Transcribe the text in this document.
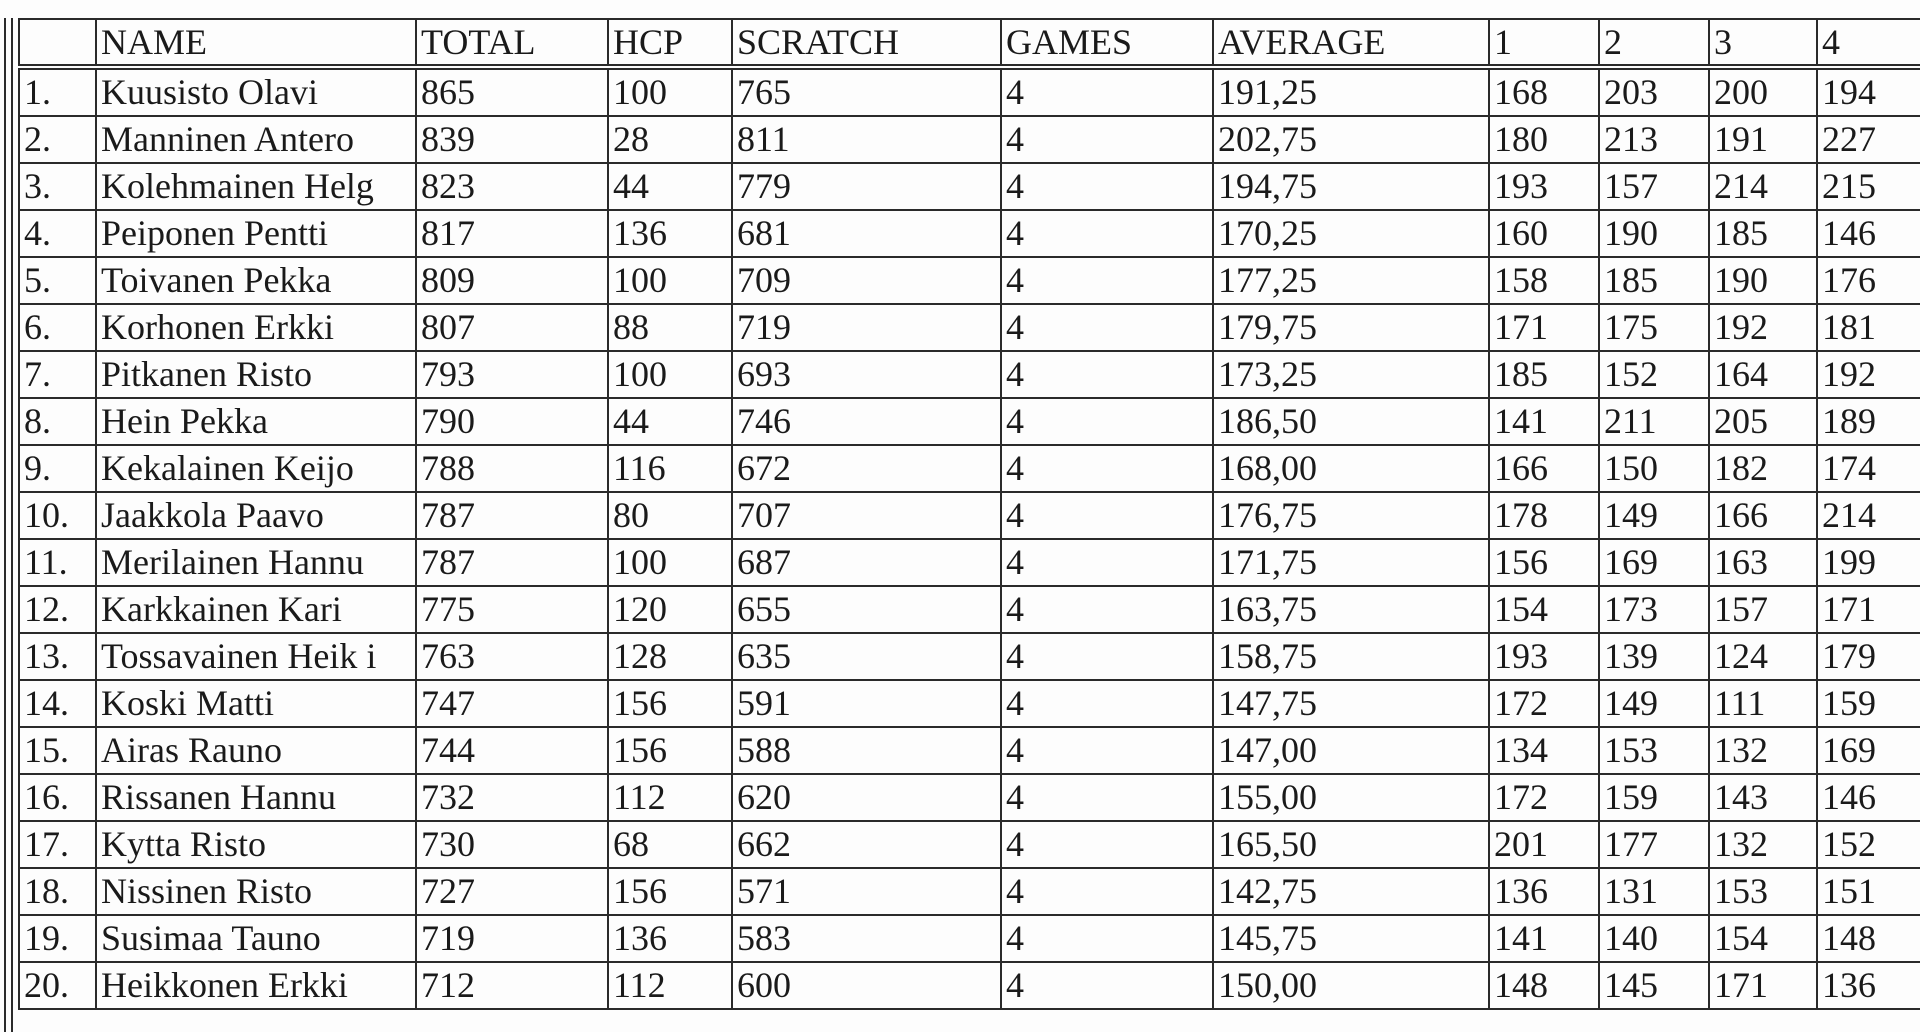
	NAME	TOTAL	HCP	SCRATCH	GAMES	AVERAGE	1	2	3	4
1.	Kuusisto Olavi	865	100	765	4	191,25	168	203	200	194
2.	Manninen Antero	839	28	811	4	202,75	180	213	191	227
3.	Kolehmainen Helg	823	44	779	4	194,75	193	157	214	215
4.	Peiponen Pentti	817	136	681	4	170,25	160	190	185	146
5.	Toivanen Pekka	809	100	709	4	177,25	158	185	190	176
6.	Korhonen Erkki	807	88	719	4	179,75	171	175	192	181
7.	Pitkanen Risto	793	100	693	4	173,25	185	152	164	192
8.	Hein Pekka	790	44	746	4	186,50	141	211	205	189
9.	Kekalainen Keijo	788	116	672	4	168,00	166	150	182	174
10.	Jaakkola Paavo	787	80	707	4	176,75	178	149	166	214
11.	Merilainen Hannu	787	100	687	4	171,75	156	169	163	199
12.	Karkkainen Kari	775	120	655	4	163,75	154	173	157	171
13.	Tossavainen Heik i	763	128	635	4	158,75	193	139	124	179
14.	Koski Matti	747	156	591	4	147,75	172	149	111	159
15.	Airas Rauno	744	156	588	4	147,00	134	153	132	169
16.	Rissanen Hannu	732	112	620	4	155,00	172	159	143	146
17.	Kytta Risto	730	68	662	4	165,50	201	177	132	152
18.	Nissinen Risto	727	156	571	4	142,75	136	131	153	151
19.	Susimaa Tauno	719	136	583	4	145,75	141	140	154	148
20.	Heikkonen Erkki	712	112	600	4	150,00	148	145	171	136
